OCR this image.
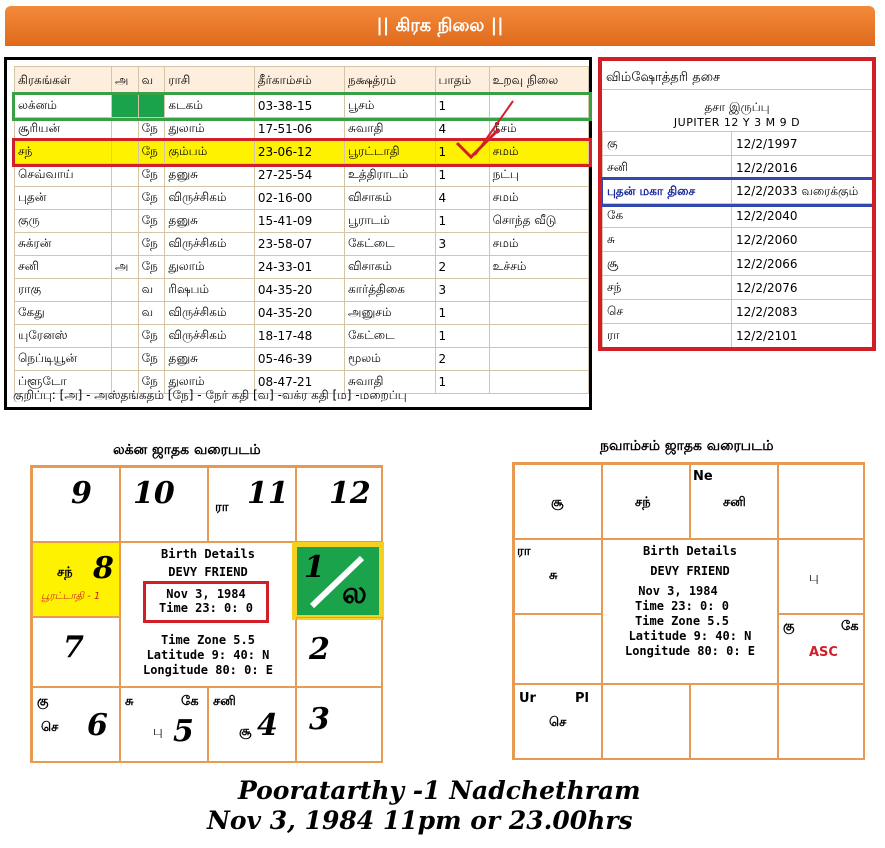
|| கிரக நிலை ||
கிரகங்கள்	அ	வ	ராசி	தீர்காம்சம்	நக்ஷத்ரம்	பாதம்	உறவு நிலை
லக்னம்			கடகம்	03-38-15	பூசம்	1	
சூரியன்		நே	துலாம்	17-51-06	சுவாதி	4	நீசம்
சந்		நே	கும்பம்	23-06-12	பூரட்டாதி	1	சமம்
செவ்வாய்		நே	தனுசு	27-25-54	உத்திராடம்	1	நட்பு
புதன்		நே	விருச்சிகம்	02-16-00	விசாகம்	4	சமம்
குரு		நே	தனுசு	15-41-09	பூராடம்	1	சொந்த வீடு
சுக்ரன்		நே	விருச்சிகம்	23-58-07	கேட்டை	3	சமம்
சனி	அ	நே	துலாம்	24-33-01	விசாகம்	2	உச்சம்
ராகு		வ	ரிஷபம்	04-35-20	கார்த்திகை	3	
கேது		வ	விருச்சிகம்	04-35-20	அனுசம்	1	
யுரேனஸ்		நே	விருச்சிகம்	18-17-48	கேட்டை	1	
நெப்டியூன்		நே	தனுசு	05-46-39	மூலம்	2	
ப்ளூடோ		நே	துலாம்	08-47-21	சுவாதி	1	
குறிப்பு: [அ] - அஸ்தங்கதம் [நே] - நேர் கதி [வ] -வக்ர கதி [ம] -மறைப்பு
விம்ஷோத்தரி தசை
தசா இருப்பு
JUPITER 12 Y 3 M 9 D
கு	12/2/1997
சனி	12/2/2016
புதன் மகா திசை	12/2/2033 வரைக்கும்
கே	12/2/2040
சு	12/2/2060
சூ	12/2/2066
சந்	12/2/2076
செ	12/2/2083
ரா	12/2/2101
லக்ன ஜாதக வரைபடம்
9 10	ரா 11 12
சந் 8
பூரட்டாதி - 1
Birth Details
DEVY FRIEND
Nov 3, 1984
Time 23: 0: 0
Time Zone 5.5
Latitude 9: 40: N
Longitude 80: 0: E
1
ல
7	2
கு
செ 6
சு	கே
பு 5
சனி
சூ 4 3
நவாம்சம் ஜாதக வரைபடம்
சூ	சந்
Ne
சனி
ரா
சு
Birth Details
DEVY FRIEND
Nov 3, 1984
Time 23: 0: 0
Time Zone 5.5
Latitude 9: 40: N
Longitude 80: 0: E
பு
கு	கே
ASC
Ur	Pl
செ
Pooratarthy -1 Nadchethram
Nov 3, 1984 11pm or 23.00hrs
